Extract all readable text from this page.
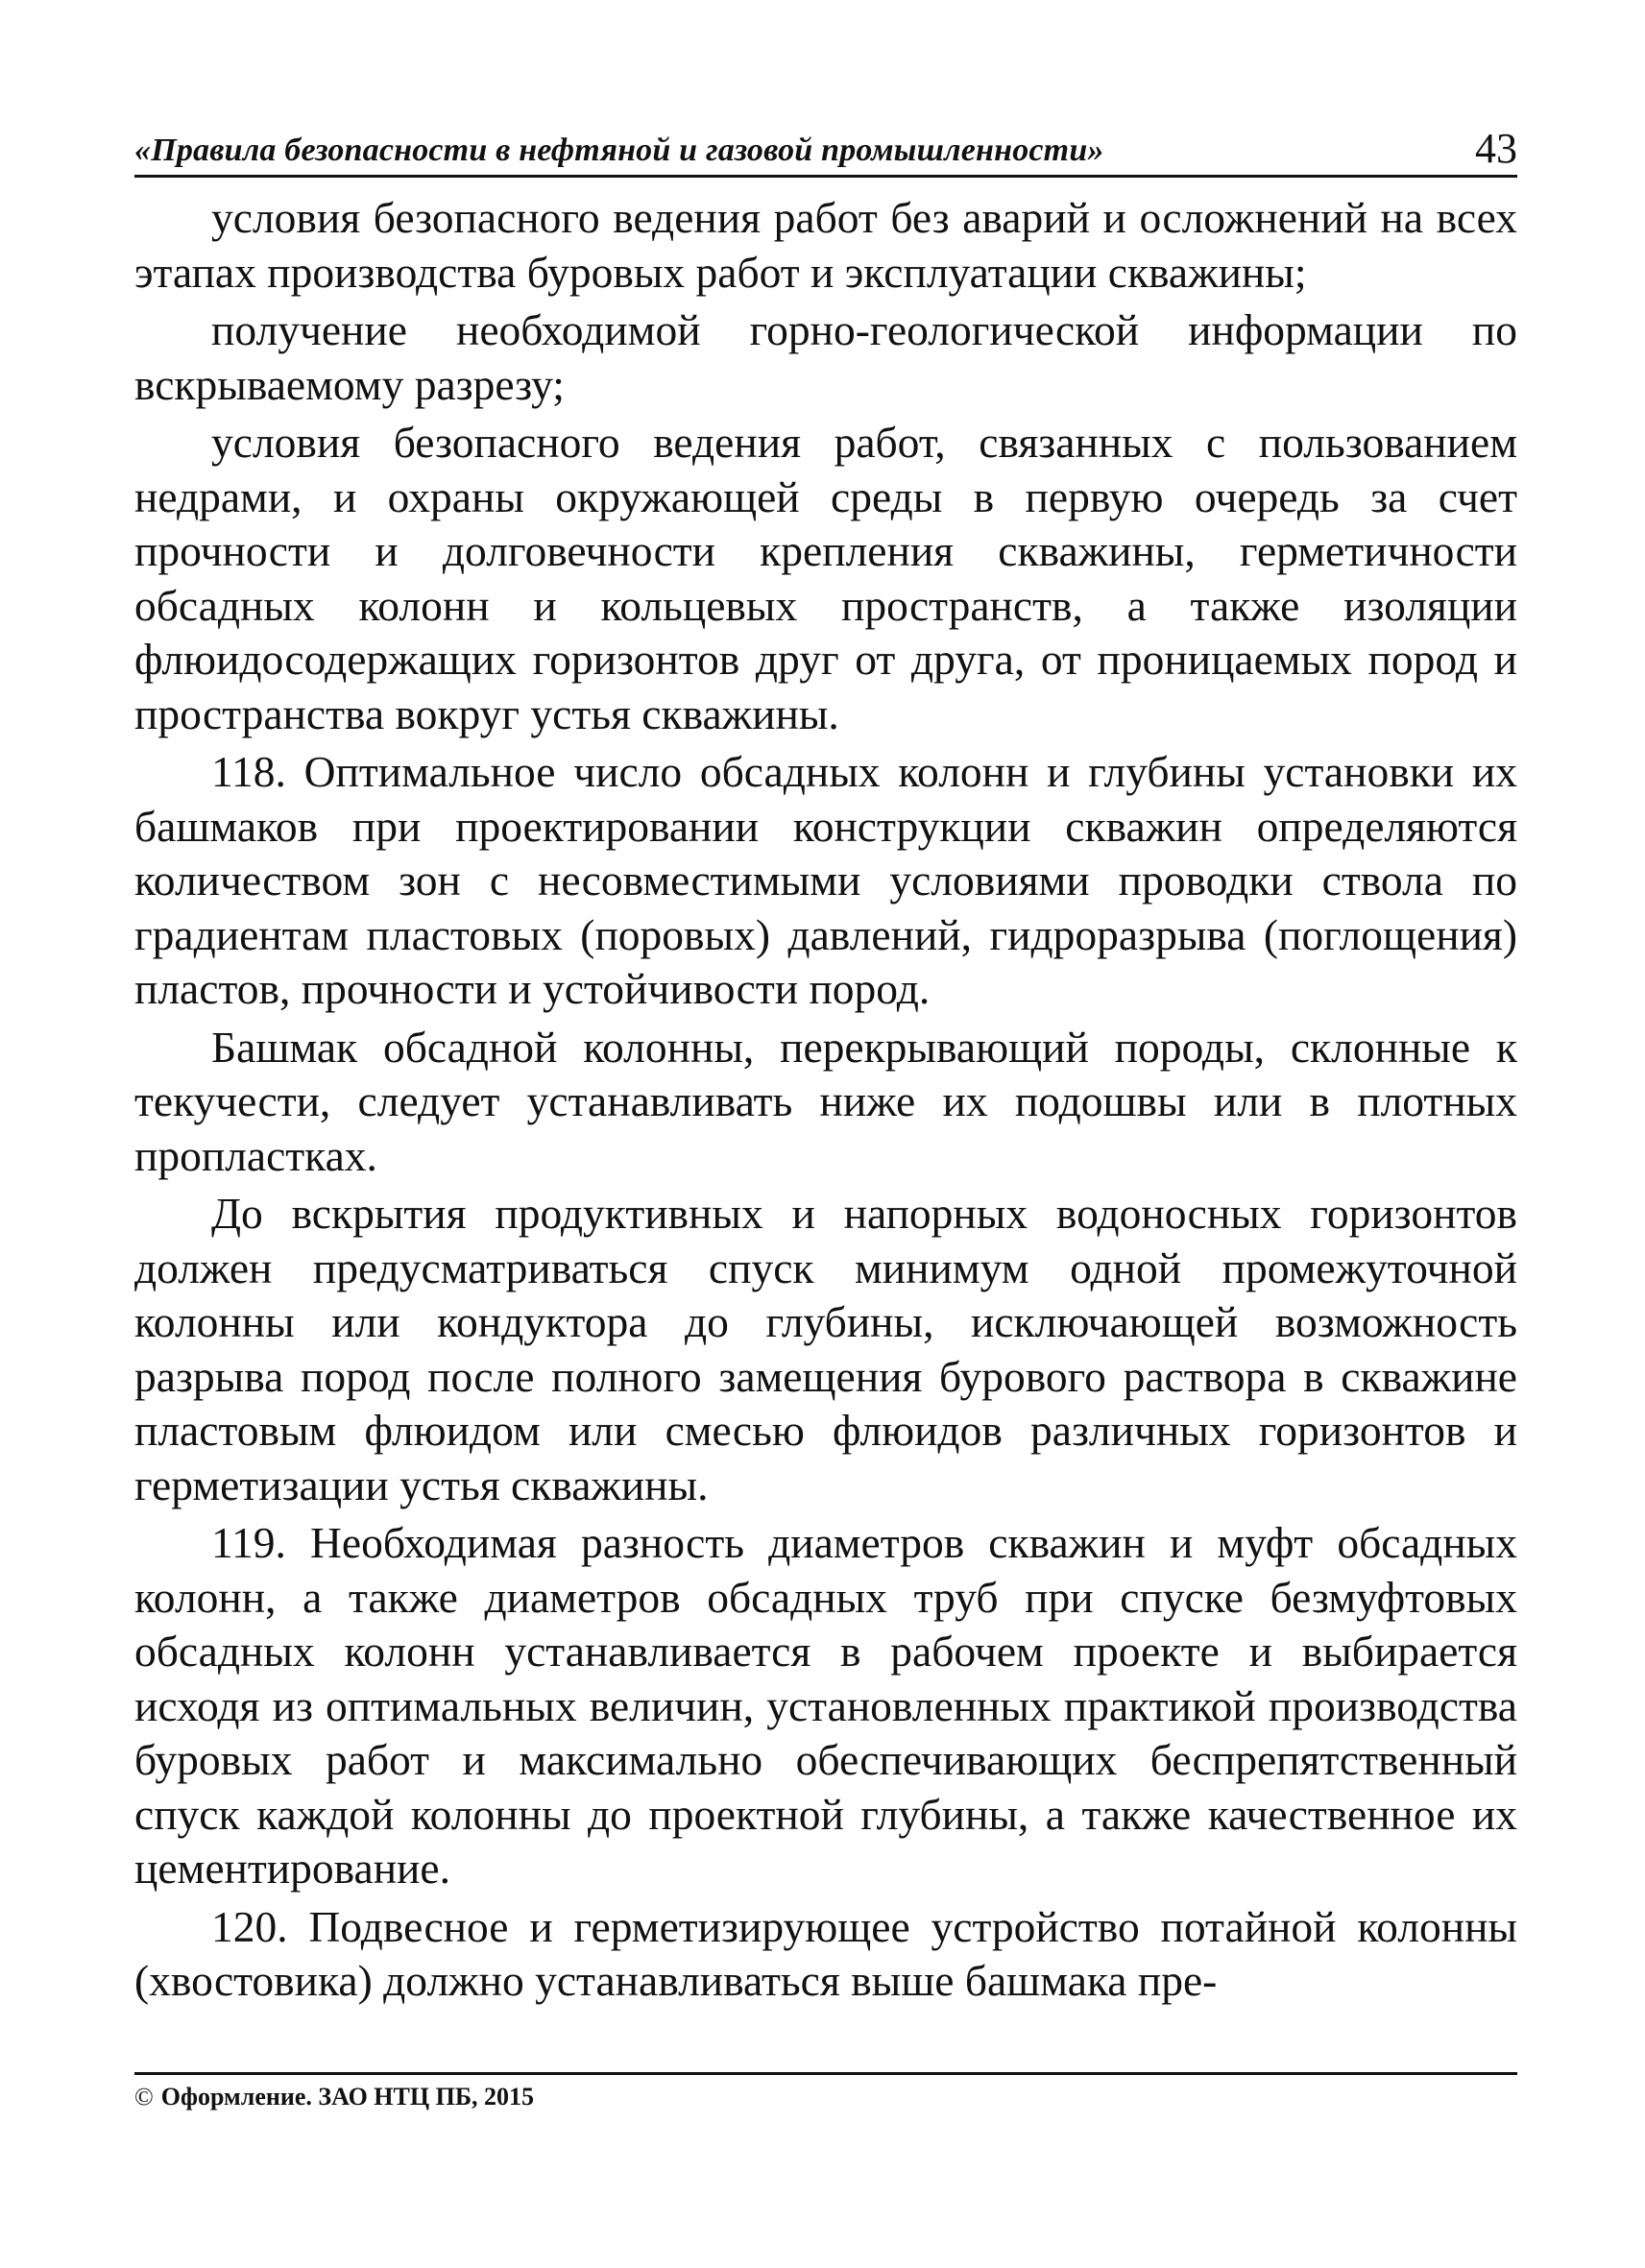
«Правила безопасности в нефтяной и газовой промышленности»	43

условия безопасного ведения работ без аварий и осложнений на всех этапах производства буровых работ и эксплуатации скважины;

получение необходимой горно-геологической информации по вскрываемому разрезу;

условия безопасного ведения работ, связанных с пользованием недрами, и охраны окружающей среды в первую очередь за счет прочности и долговечности крепления скважины, герметичности обсадных колонн и кольцевых пространств, а также изоляции флюидосодержащих горизонтов друг от друга, от проницаемых пород и пространства вокруг устья скважины.

118. Оптимальное число обсадных колонн и глубины установки их башмаков при проектировании конструкции скважин определяются количеством зон с несовместимыми условиями проводки ствола по градиентам пластовых (поровых) давлений, гидроразрыва (поглощения) пластов, прочности и устойчивости пород.

Башмак обсадной колонны, перекрывающий породы, склонные к текучести, следует устанавливать ниже их подошвы или в плотных пропластках.

До вскрытия продуктивных и напорных водоносных горизонтов должен предусматриваться спуск минимум одной промежуточной колонны или кондуктора до глубины, исключающей возможность разрыва пород после полного замещения бурового раствора в скважине пластовым флюидом или смесью флюидов различных горизонтов и герметизации устья скважины.

119. Необходимая разность диаметров скважин и муфт обсадных колонн, а также диаметров обсадных труб при спуске безмуфтовых обсадных колонн устанавливается в рабочем проекте и выбирается исходя из оптимальных величин, установленных практикой производства буровых работ и максимально обеспечивающих беспрепятственный спуск каждой колонны до проектной глубины, а также качественное их цементирование.

120. Подвесное и герметизирующее устройство потайной колонны (хвостовика) должно устанавливаться выше башмака пре-

© Оформление. ЗАО НТЦ ПБ, 2015
